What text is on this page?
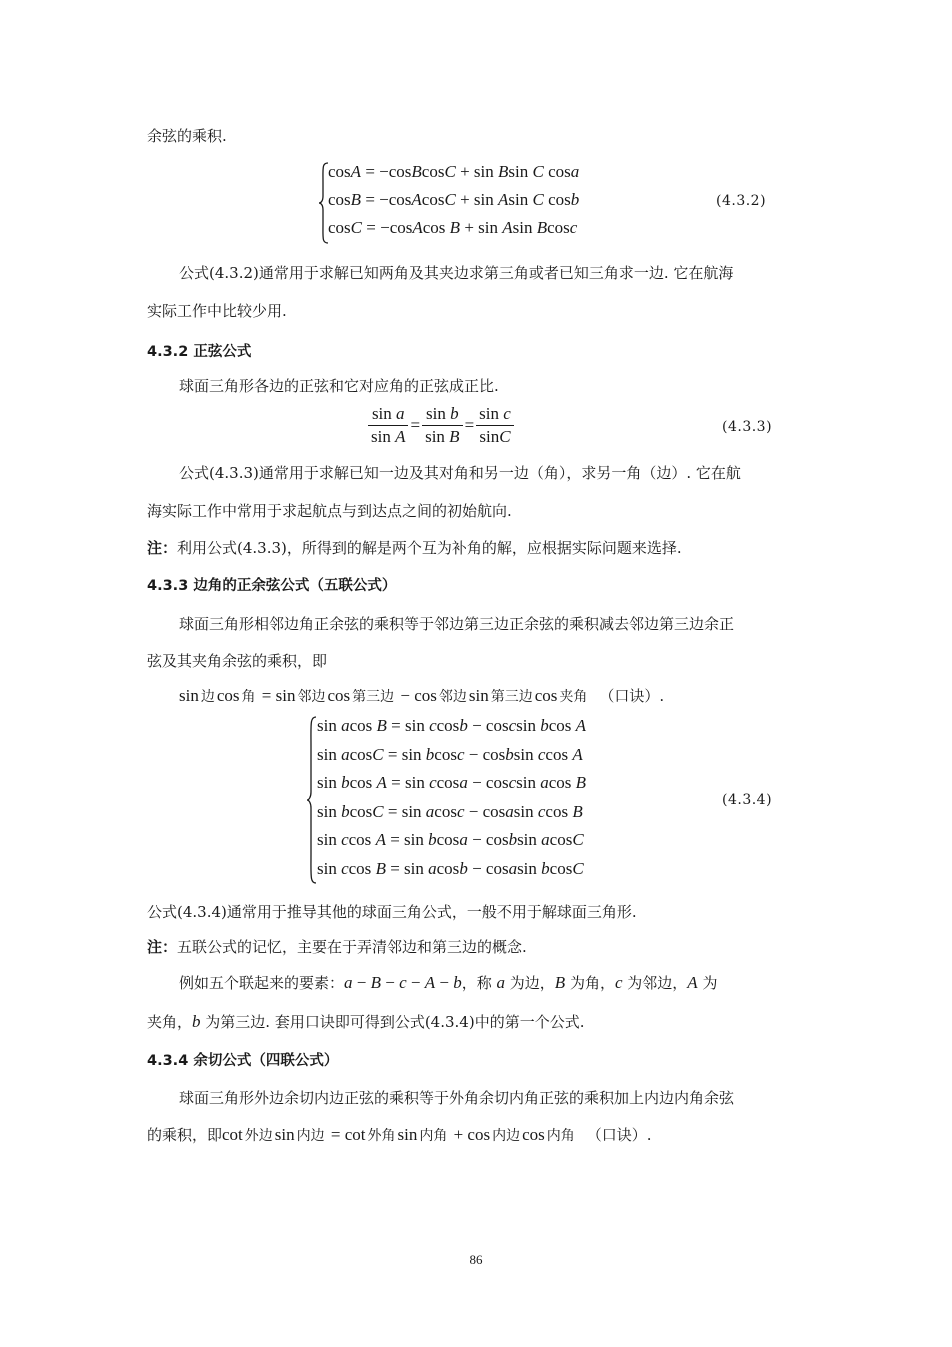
余弦的乘积.
cosA = −cosBcosC + sin Bsin C cosa
cosB = −cosAcosC + sin Asin C cosb
cosC = −cosAcos B + sin Asin Bcosc
(4.3.2)
公式(4.3.2)通常用于求解已知两角及其夹边求第三角或者已知三角求一边. 它在航海
实际工作中比较少用.
4.3.2 正弦公式
球面三角形各边的正弦和它对应角的正弦成正比.
$\frac{\text{sin a}}{\text{sin A}} = \frac{\text{sin b}}{\text{sin B}} = \frac{\text{sin c}}{\sin C}$	(4.3.3)
公式(4.3.3)通常用于求解已知一边及其对角和另一边（角），求另一角（边）. 它在航
海实际工作中常用于求起航点与到达点之间的初始航向.
注：利用公式(4.3.3)，所得到的解是两个互为补角的解，应根据实际问题来选择.
4.3.3 边角的正余弦公式（五联公式）
球面三角形相邻边角正余弦的乘积等于邻边第三边正余弦的乘积减去邻边第三边余正
弦及其夹角余弦的乘积，即
sin 边 cos 角 = sin 邻边 cos 第三边 − cos 邻边 sin 第三边 cos 夹角 （口诀）.
sin acos B = sin ccosb − coscsin bcos A
sin acosC = sin bcosc − cosbsin ccos A
sin bcos A = sin ccosa − coscsin acos B
sin bcosC = sin acosc − cosasin ccos B
sin ccos A = sin bcosa − cosbsin acosC
sin ccos B = sin acosb − cosasin bcosC
(4.3.4)
公式(4.3.4)通常用于推导其他的球面三角公式，一般不用于解球面三角形.
注：五联公式的记忆，主要在于弄清邻边和第三边的概念.
例如五个联起来的要素：a − B − c − A − b，称 a 为边，B 为角，c 为邻边，A 为
夹角，b 为第三边. 套用口诀即可得到公式(4.3.4)中的第一个公式.
4.3.4 余切公式（四联公式）
球面三角形外边余切内边正弦的乘积等于外角余切内角正弦的乘积加上内边内角余弦
的乘积，即cot 外边 sin 内边 = cot 外角 sin 内角 + cos 内边 cos 内角 （口诀）.
86
